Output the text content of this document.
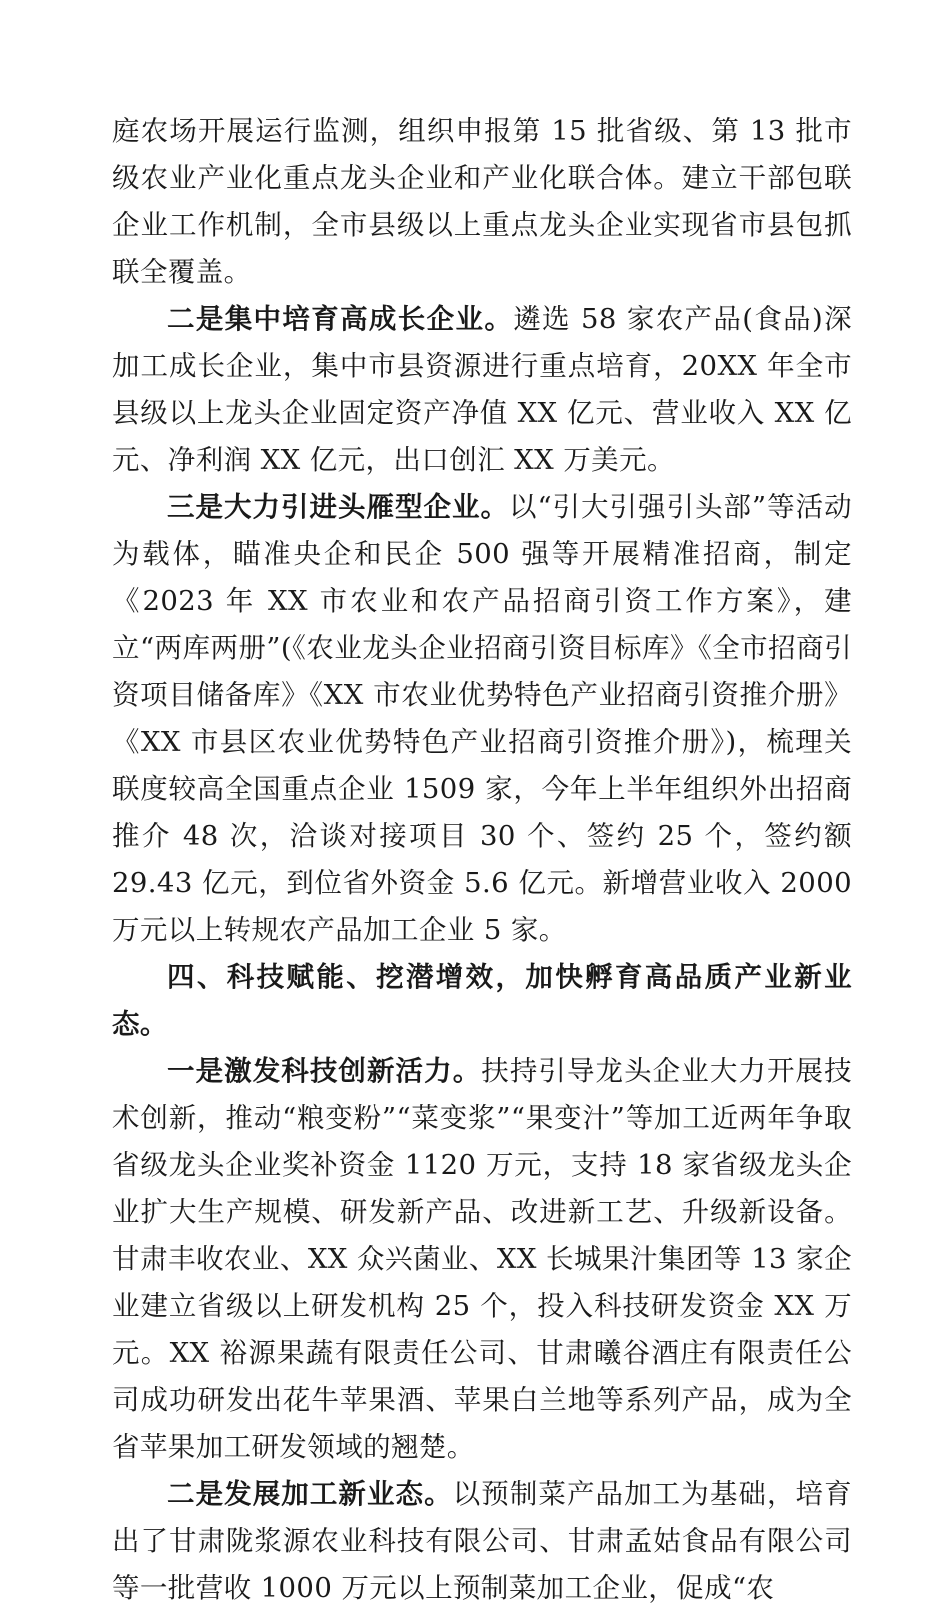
庭农场开展运行监测，组织申报第 15 批省级、第 13 批市级农业产业化重点龙头企业和产业化联合体。建立干部包联企业工作机制，全市县级以上重点龙头企业实现省市县包抓联全覆盖。

二是集中培育高成长企业。遴选 58 家农产品(食品)深加工成长企业，集中市县资源进行重点培育，20XX 年全市县级以上龙头企业固定资产净值 XX 亿元、营业收入 XX 亿元、净利润 XX 亿元，出口创汇 XX 万美元。

三是大力引进头雁型企业。以“引大引强引头部”等活动为载体，瞄准央企和民企 500 强等开展精准招商，制定《2023 年 XX 市农业和农产品招商引资工作方案》，建立“两库两册”(《农业龙头企业招商引资目标库》《全市招商引资项目储备库》《XX 市农业优势特色产业招商引资推介册》《XX 市县区农业优势特色产业招商引资推介册》)，梳理关联度较高全国重点企业 1509 家，今年上半年组织外出招商推介 48 次，洽谈对接项目 30 个、签约 25 个，签约额 29.43 亿元，到位省外资金 5.6 亿元。新增营业收入 2000 万元以上转规农产品加工企业 5 家。

四、科技赋能、挖潜增效，加快孵育高品质产业新业态。

一是激发科技创新活力。扶持引导龙头企业大力开展技术创新，推动“粮变粉”“菜变浆”“果变汁”等加工近两年争取省级龙头企业奖补资金 1120 万元，支持 18 家省级龙头企业扩大生产规模、研发新产品、改进新工艺、升级新设备。甘肃丰收农业、XX 众兴菌业、XX 长城果汁集团等 13 家企业建立省级以上研发机构 25 个，投入科技研发资金 XX 万元。XX 裕源果蔬有限责任公司、甘肃曦谷酒庄有限责任公司成功研发出花牛苹果酒、苹果白兰地等系列产品，成为全省苹果加工研发领域的翘楚。

二是发展加工新业态。以预制菜产品加工为基础，培育出了甘肃陇浆源农业科技有限公司、甘肃孟姑食品有限公司等一批营收 1000 万元以上预制菜加工企业，促成“农
